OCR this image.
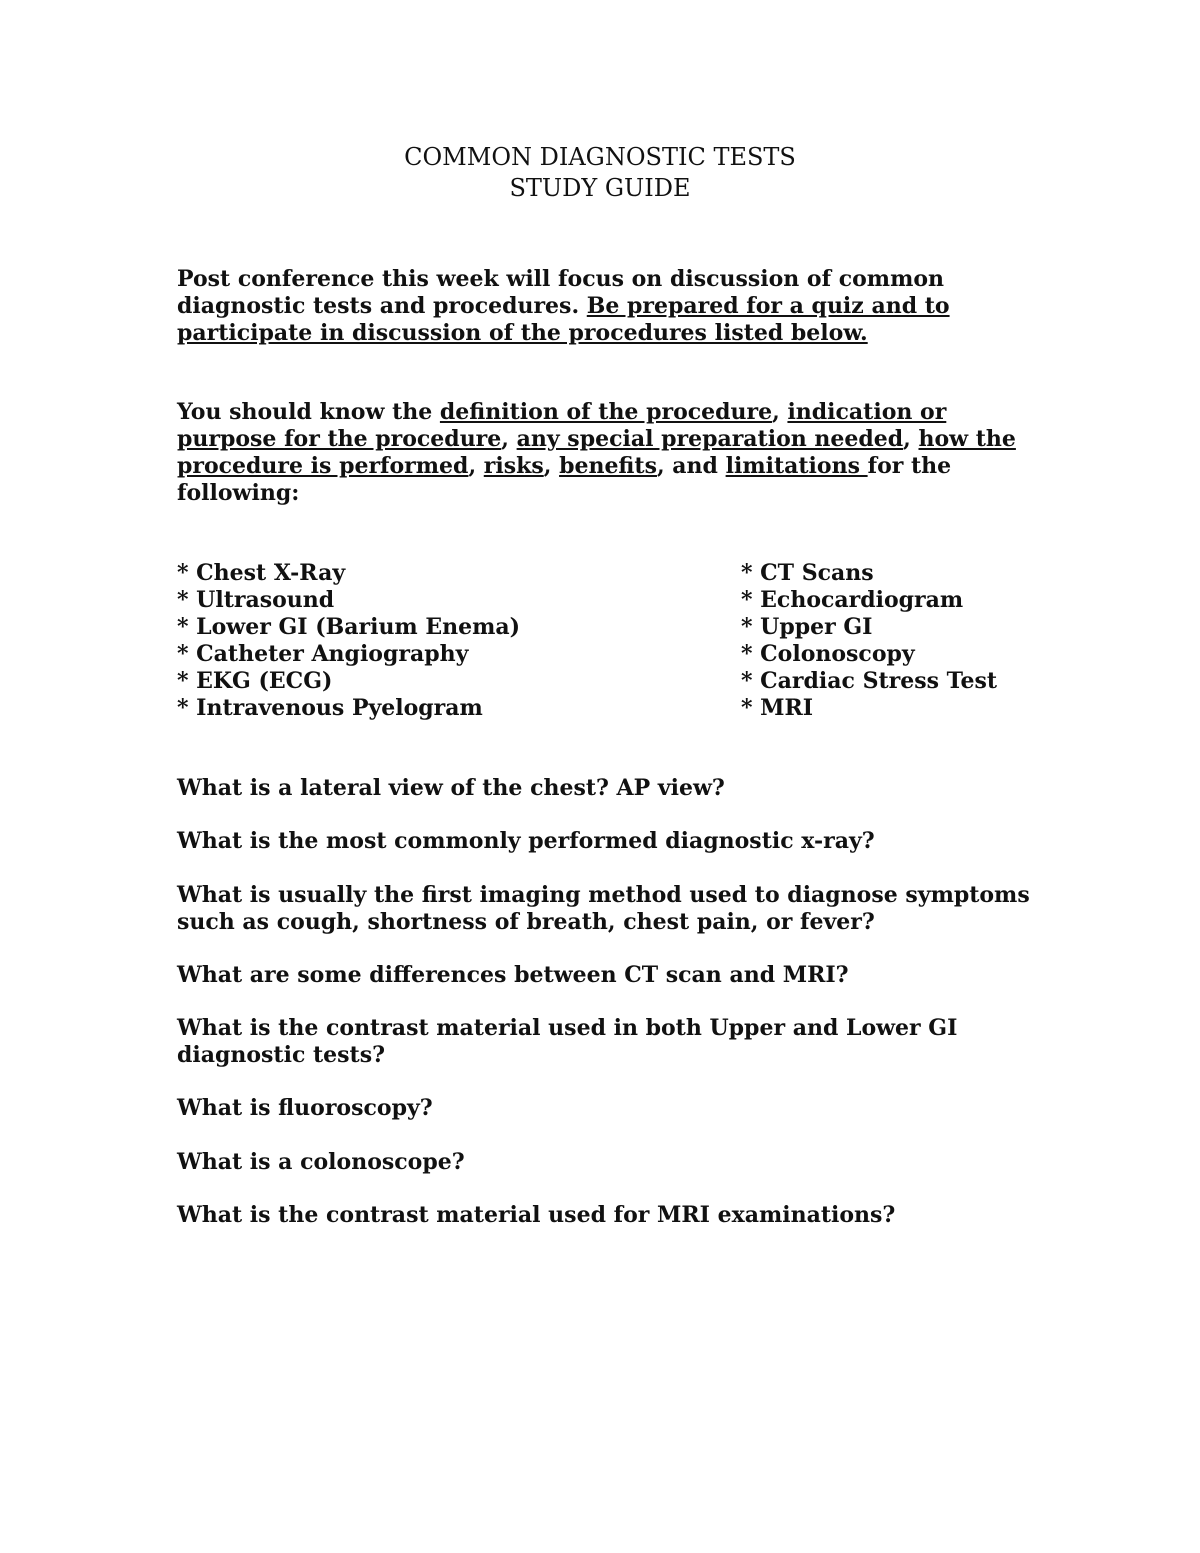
COMMON DIAGNOSTIC TESTS
STUDY GUIDE
Post conference this week will focus on discussion of common diagnostic tests and procedures. Be prepared for a quiz and to participate in discussion of the procedures listed below.
You should know the definition of the procedure, indication or purpose for the procedure, any special preparation needed, how the procedure is performed, risks, benefits, and limitations for the following:
* Chest X-Ray
* Ultrasound
* Lower GI (Barium Enema)
* Catheter Angiography
* EKG (ECG)
* Intravenous Pyelogram
* CT Scans
* Echocardiogram
* Upper GI
* Colonoscopy
* Cardiac Stress Test
* MRI
What is a lateral view of the chest? AP view?
What is the most commonly performed diagnostic x-ray?
What is usually the first imaging method used to diagnose symptoms such as cough, shortness of breath, chest pain, or fever?
What are some differences between CT scan and MRI?
What is the contrast material used in both Upper and Lower GI diagnostic tests?
What is fluoroscopy?
What is a colonoscope?
What is the contrast material used for MRI examinations?
